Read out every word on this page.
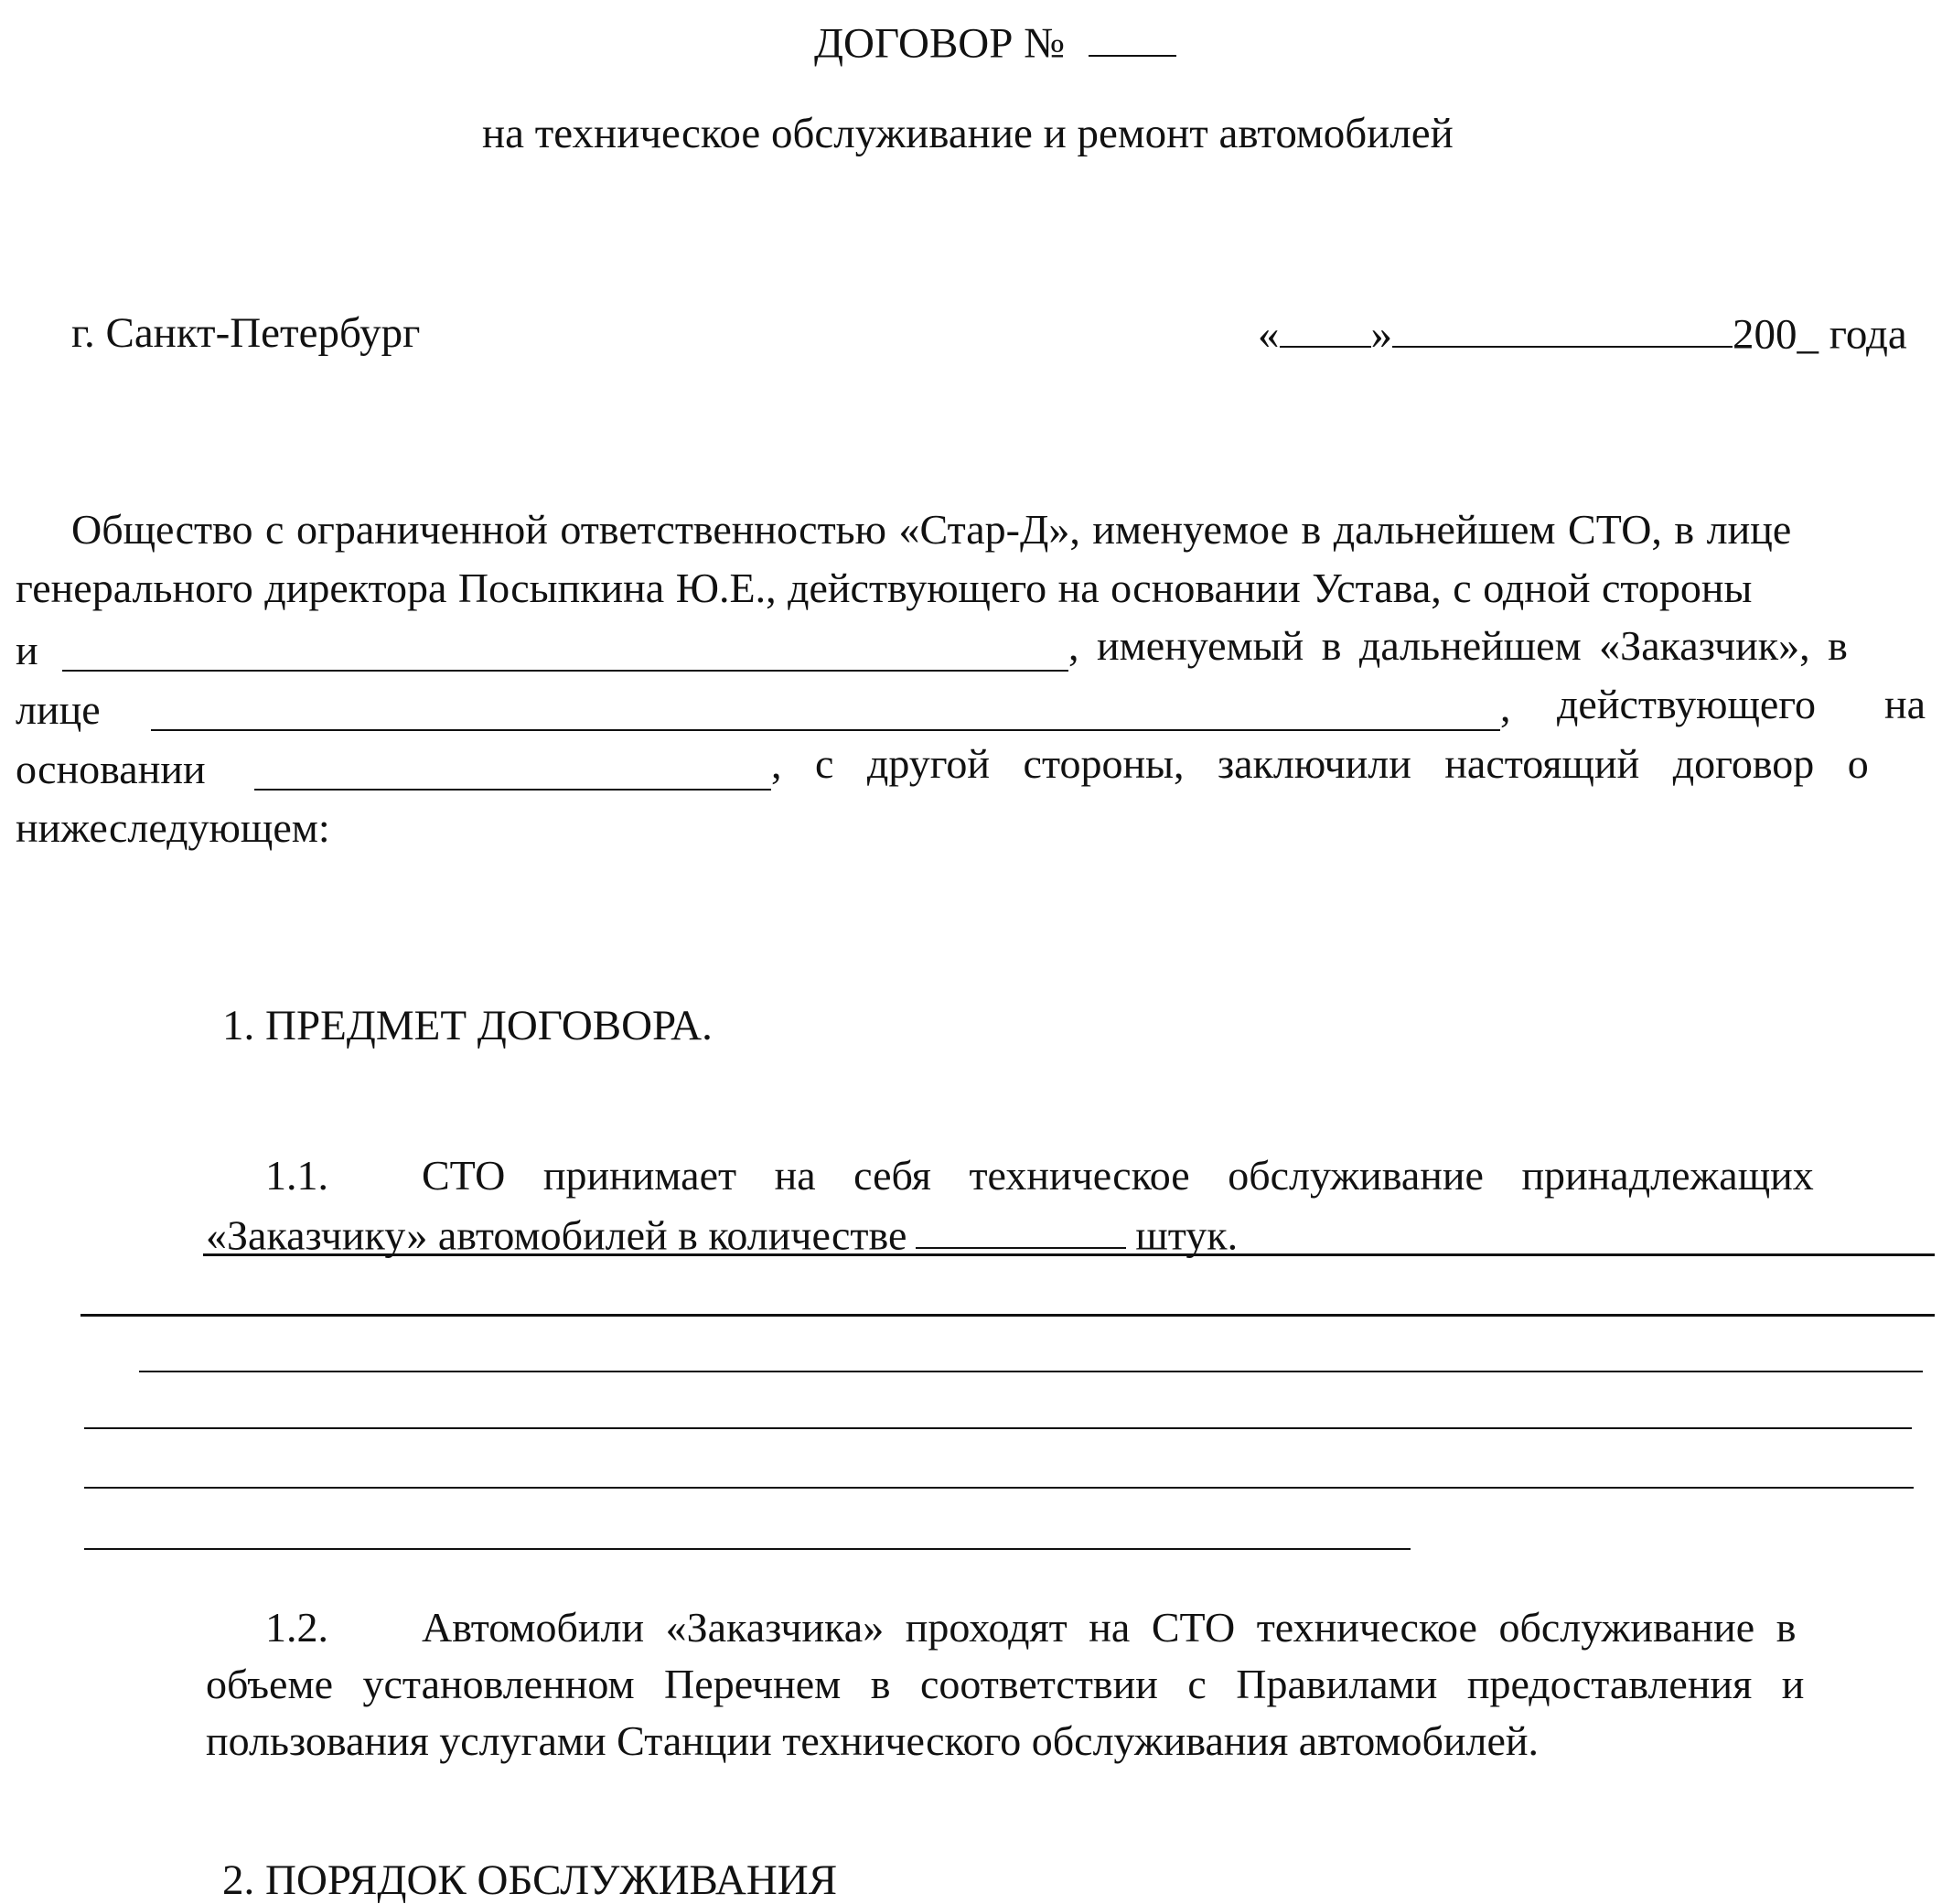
ДОГОВОР №
на техническое обслуживание и ремонт автомобилей
г. Санкт-Петербург	« »	200_ года
Общество с ограниченной ответственностью «Стар-Д», именуемое в дальнейшем СТО, в лице
генерального директора Посыпкина Ю.Е., действующего на основании Устава, с одной стороны
и	, именуемый в дальнейшем «Заказчик», в
лице	, действующего на
основании	, с другой стороны, заключили настоящий договор о
нижеследующем:
1. ПРЕДМЕТ ДОГОВОРА.
1.1. СТО принимает на себя техническое обслуживание принадлежащих
«Заказчику» автомобилей в количестве	штук.
1.2. Автомобили «Заказчика» проходят на СТО техническое обслуживание в
объеме установленном Перечнем в соответствии с Правилами предоставления и
пользования услугами Станции технического обслуживания автомобилей.
2. ПОРЯДОК ОБСЛУЖИВАНИЯ
